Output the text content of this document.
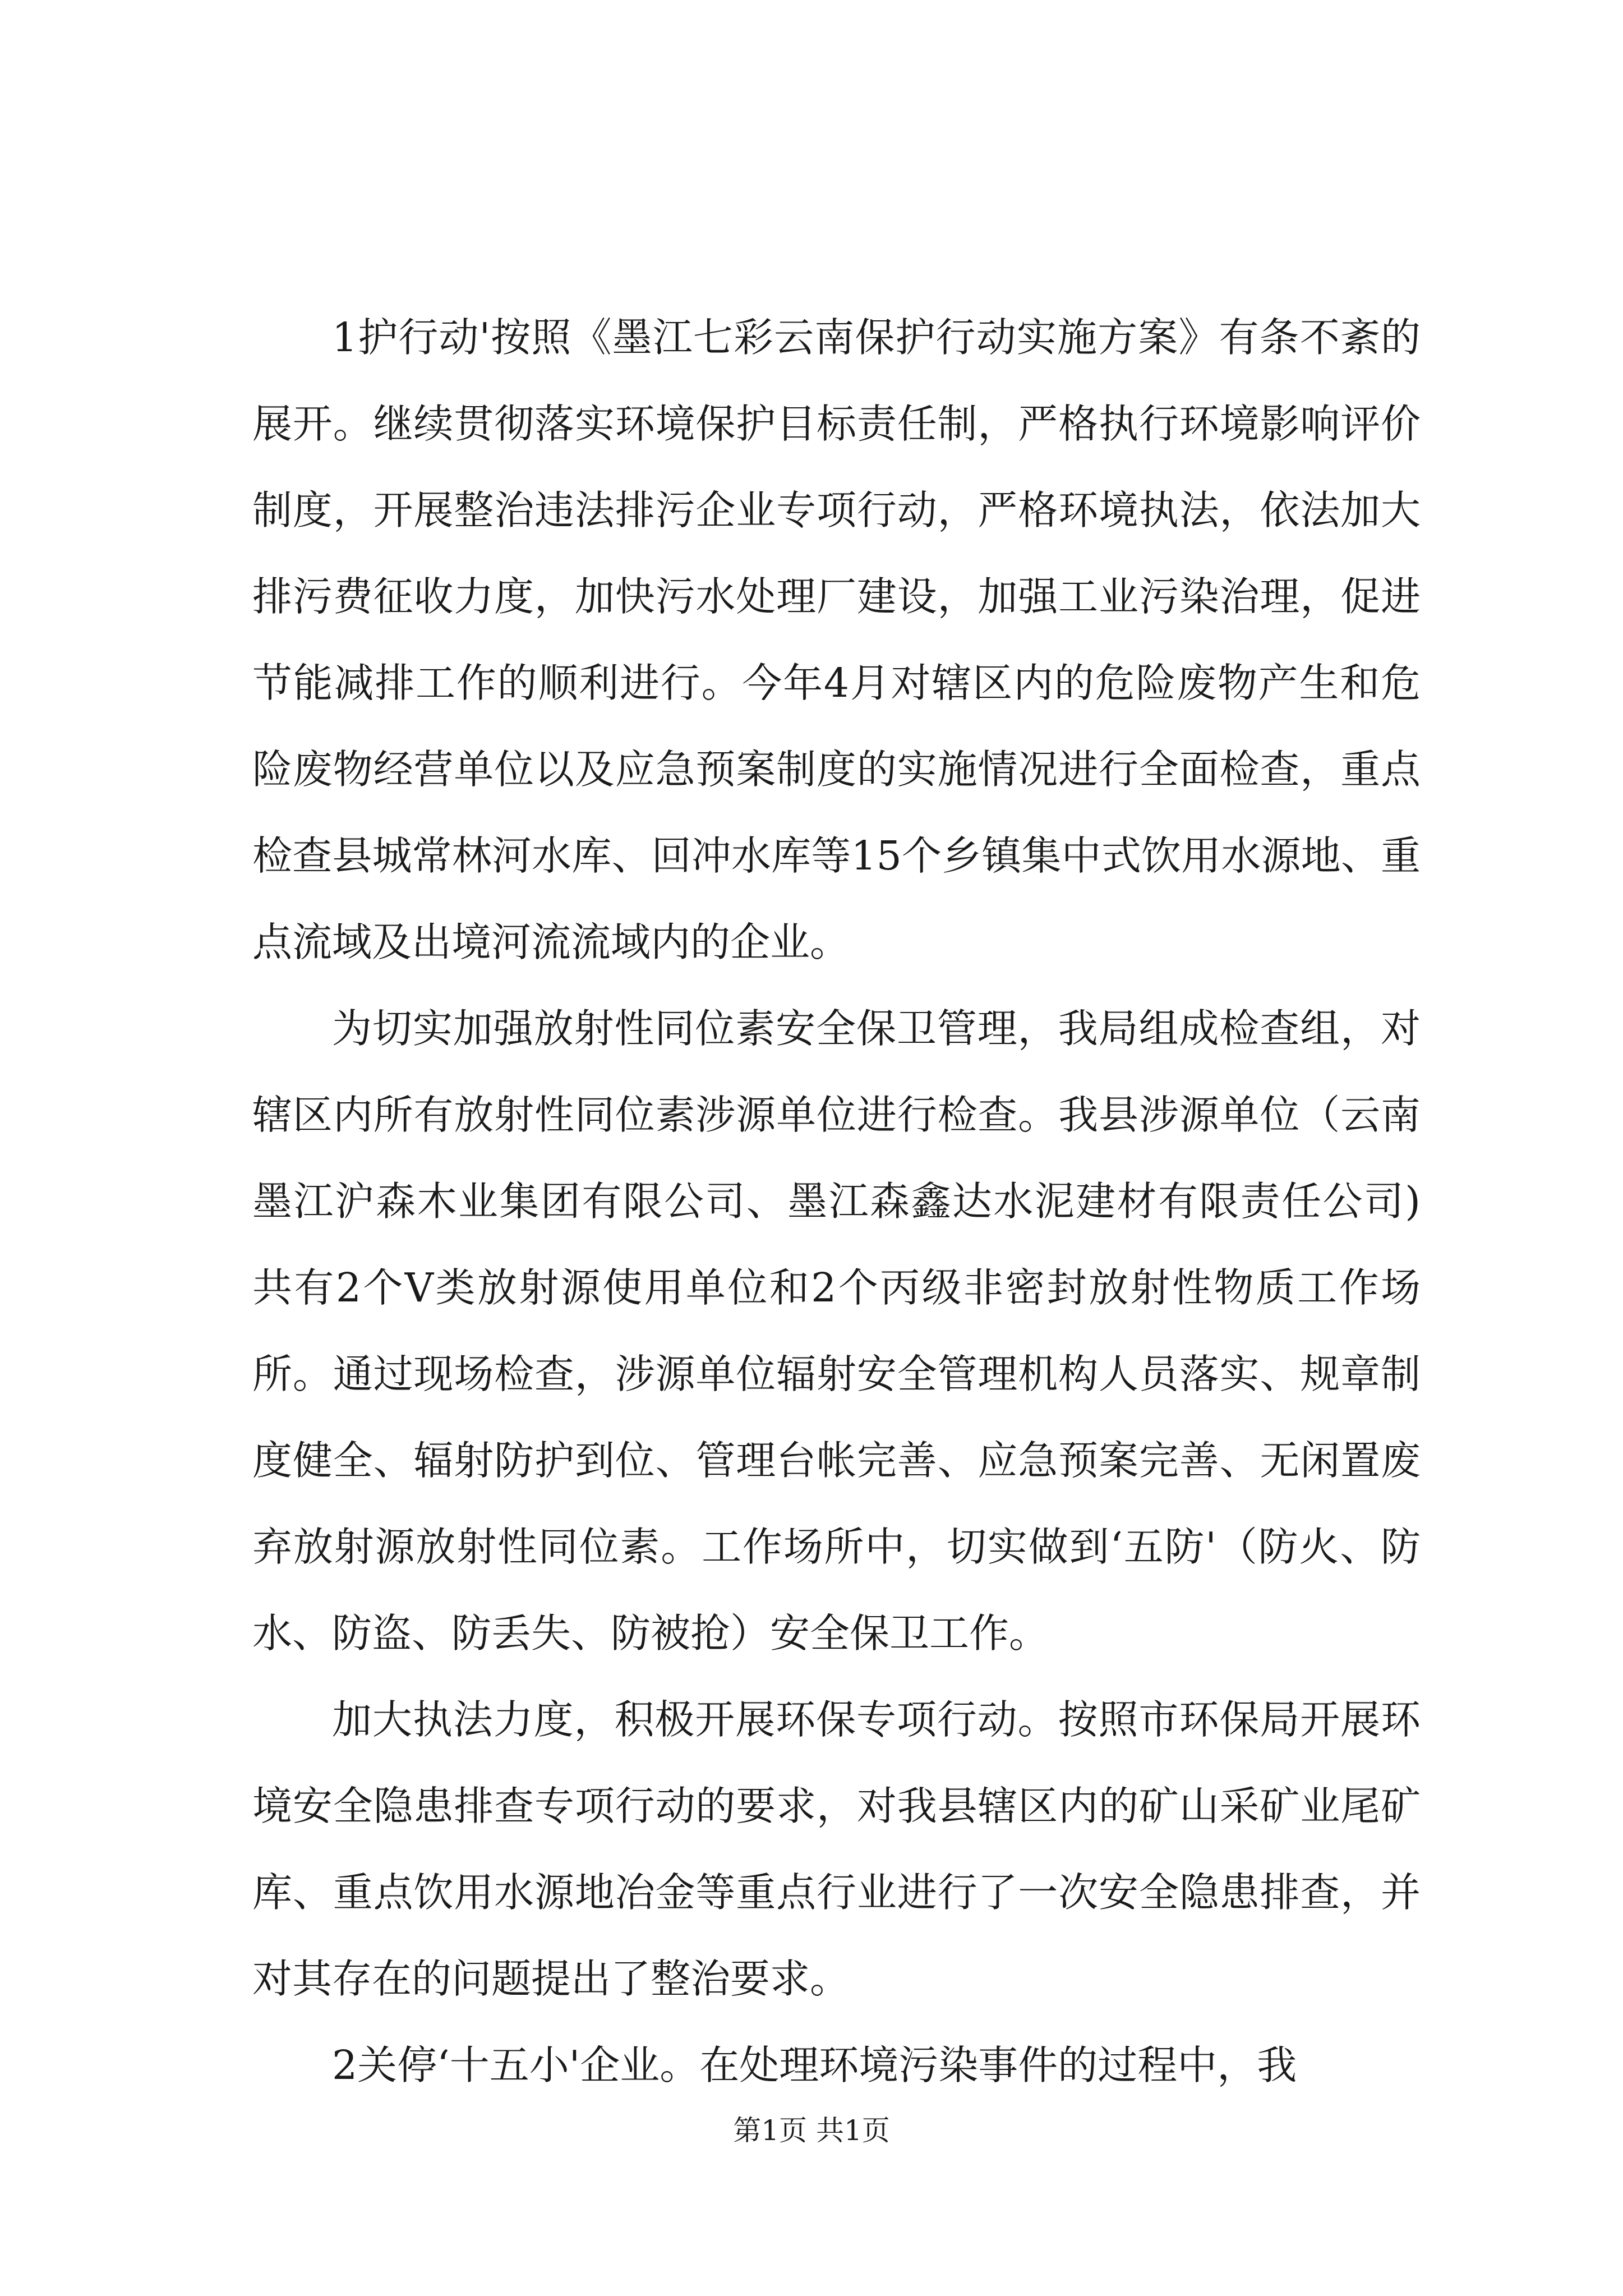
1护行动'按照《墨江七彩云南保护行动实施方案》有条不紊的展开。继续贯彻落实环境保护目标责任制，严格执行环境影响评价制度，开展整治违法排污企业专项行动，严格环境执法，依法加大排污费征收力度，加快污水处理厂建设，加强工业污染治理，促进节能减排工作的顺利进行。今年4月对辖区内的危险废物产生和危险废物经营单位以及应急预案制度的实施情况进行全面检查，重点检查县城常林河水库、回冲水库等15个乡镇集中式饮用水源地、重点流域及出境河流流域内的企业。

为切实加强放射性同位素安全保卫管理，我局组成检查组，对辖区内所有放射性同位素涉源单位进行检查。我县涉源单位（云南墨江沪森木业集团有限公司、墨江森鑫达水泥建材有限责任公司)共有2个Ⅴ类放射源使用单位和2个丙级非密封放射性物质工作场所。通过现场检查，涉源单位辐射安全管理机构人员落实、规章制度健全、辐射防护到位、管理台帐完善、应急预案完善、无闲置废弃放射源放射性同位素。工作场所中，切实做到‘五防'（防火、防水、防盗、防丢失、防被抢）安全保卫工作。

加大执法力度，积极开展环保专项行动。按照市环保局开展环境安全隐患排查专项行动的要求，对我县辖区内的矿山采矿业尾矿库、重点饮用水源地冶金等重点行业进行了一次安全隐患排查，并对其存在的问题提出了整治要求。

2关停‘十五小'企业。在处理环境污染事件的过程中，我

第1页 共1页
